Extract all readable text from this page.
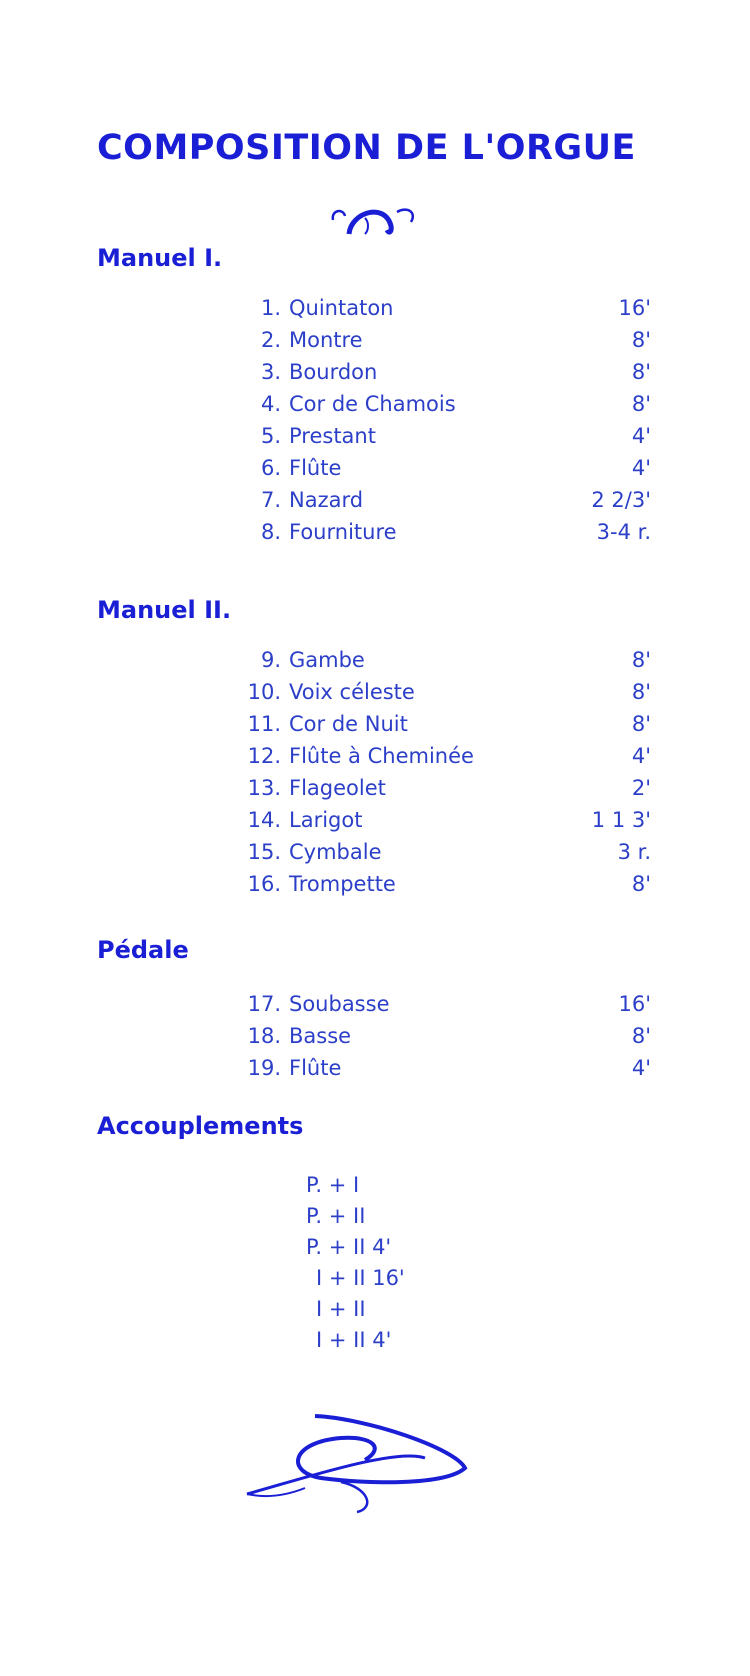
COMPOSITION DE L'ORGUE
Manuel I.
1. Quintaton	16'
2. Montre	8'
3. Bourdon	8'
4. Cor de Chamois	8'
5. Prestant	4'
6. Flûte	4'
7. Nazard	2 2/3'
8. Fourniture	3-4 r.
Manuel II.
9. Gambe	8'
10. Voix céleste	8'
11. Cor de Nuit	8'
12. Flûte à Cheminée	4'
13. Flageolet	2'
14. Larigot	1 1 3'
15. Cymbale	3 r.
16. Trompette	8'
Pédale
17. Soubasse	16'
18. Basse	8'
19. Flûte	4'
Accouplements
P. + I
P. + II
P. + II 4'
I + II 16'
I + II
I + II 4'
